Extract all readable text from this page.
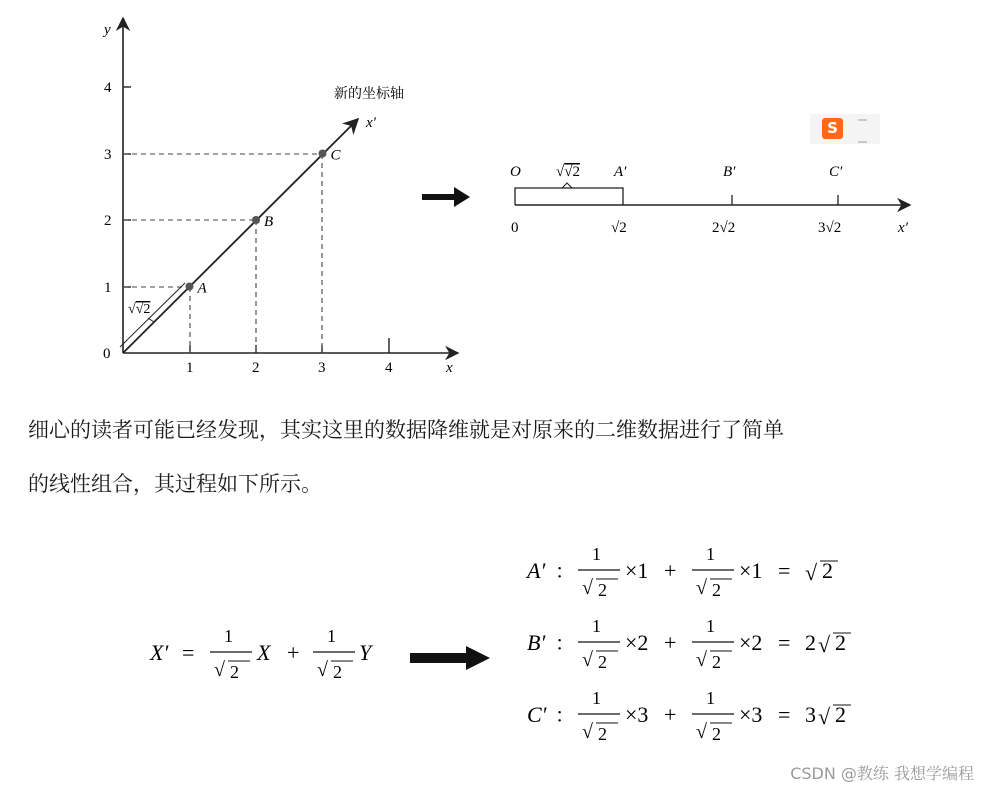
y
x
0
1
2
3
4
1	2	3	4
√√2
新的坐标轴
x′
A
B
C
O √√2 A′	B′	C′
0	√2	2√2	3√2	x′
S
细心的读者可能已经发现，其实这里的数据降维就是对原来的二维数据进行了简单
的线性组合，其过程如下所示。
X′ =
1
√ 2
X +
1
√ 2
Y
A′ ：
1
√ 2
×1 +
1
√ 2
×1 = √ 2
B′ ：
1
√ 2
×2 +
1
√ 2
×2 = 2 √ 2
C′ ：
1
√ 2
×3 +
1
√ 2
×3 = 3 √ 2
CSDN @教练 我想学编程
